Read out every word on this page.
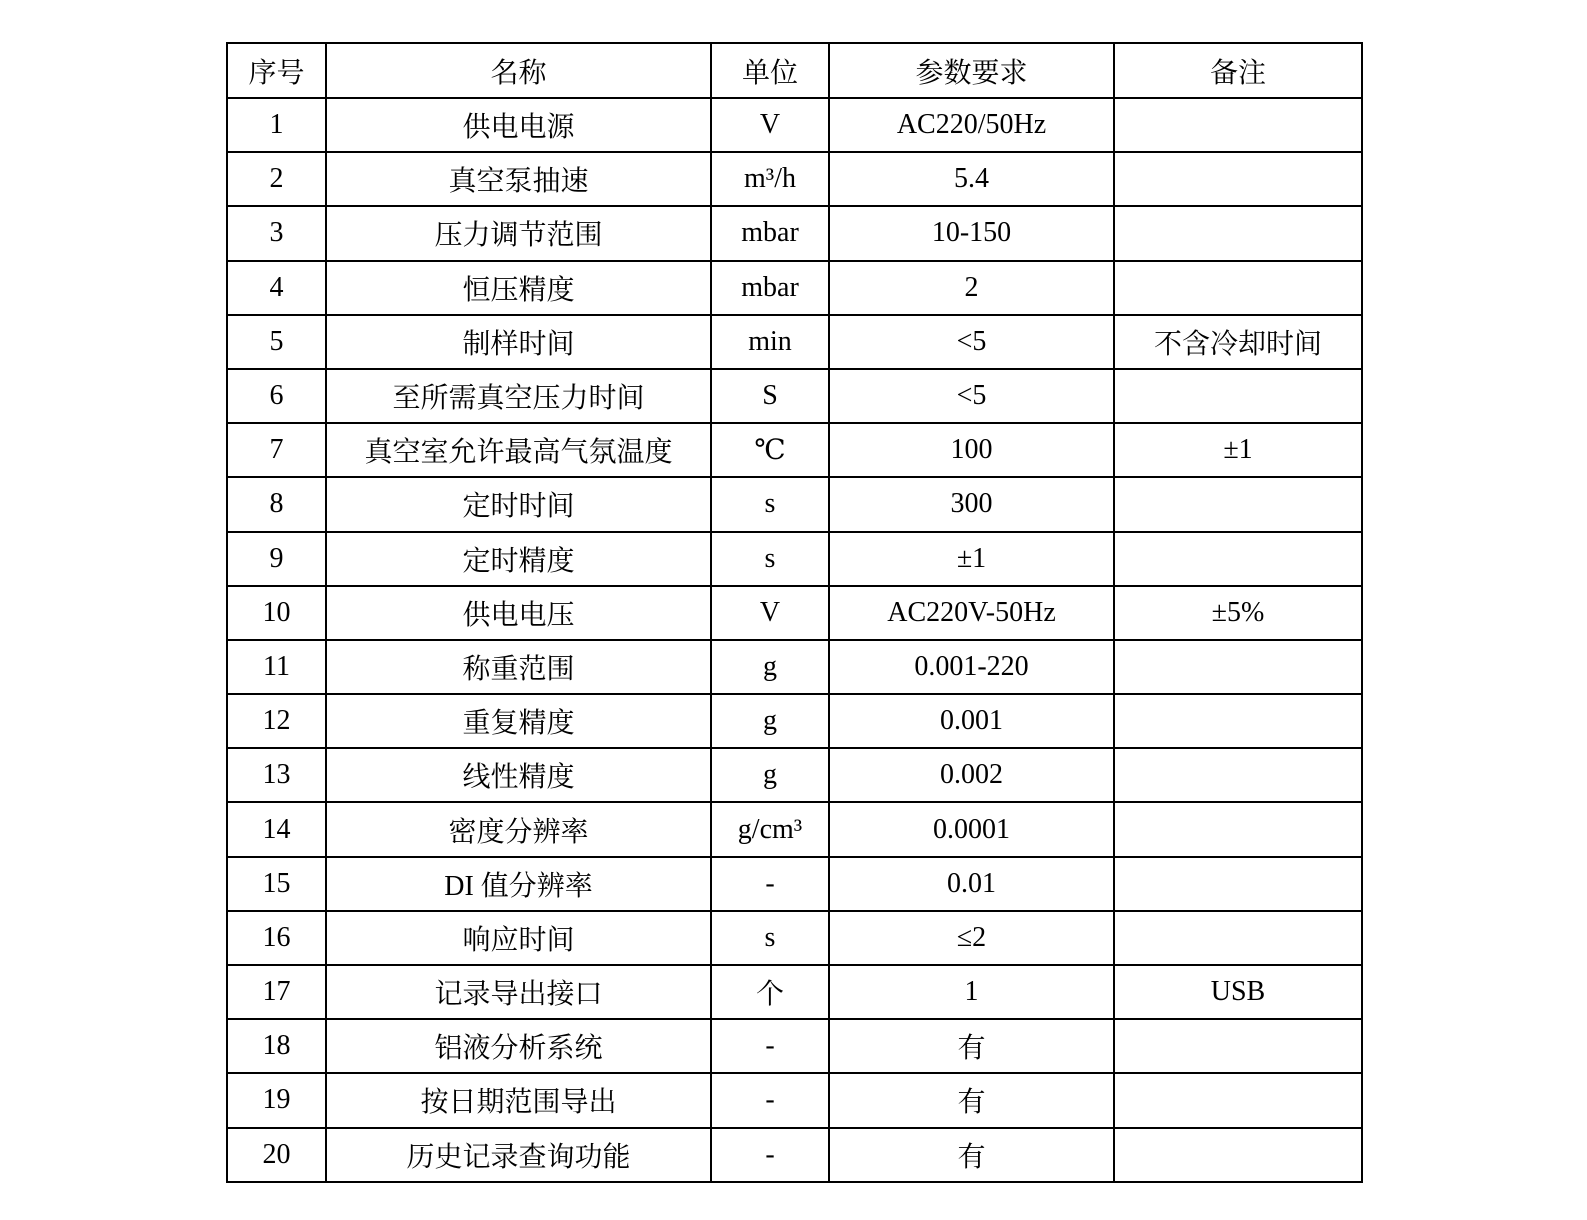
序号	名称	单位	参数要求	备注
1	供电电源	V	AC220/50Hz	
2	真空泵抽速	m³/h	5.4	
3	压力调节范围	mbar	10-150	
4	恒压精度	mbar	2	
5	制样时间	min	<5	不含冷却时间
6	至所需真空压力时间	S	<5	
7	真空室允许最高气氛温度	℃	100	±1
8	定时时间	s	300	
9	定时精度	s	±1	
10	供电电压	V	AC220V-50Hz	±5%
11	称重范围	g	0.001-220	
12	重复精度	g	0.001	
13	线性精度	g	0.002	
14	密度分辨率	g/cm³	0.0001	
15	DI 值分辨率	-	0.01	
16	响应时间	s	≤2	
17	记录导出接口	个	1	USB
18	铝液分析系统	-	有	
19	按日期范围导出	-	有	
20	历史记录查询功能	-	有	
